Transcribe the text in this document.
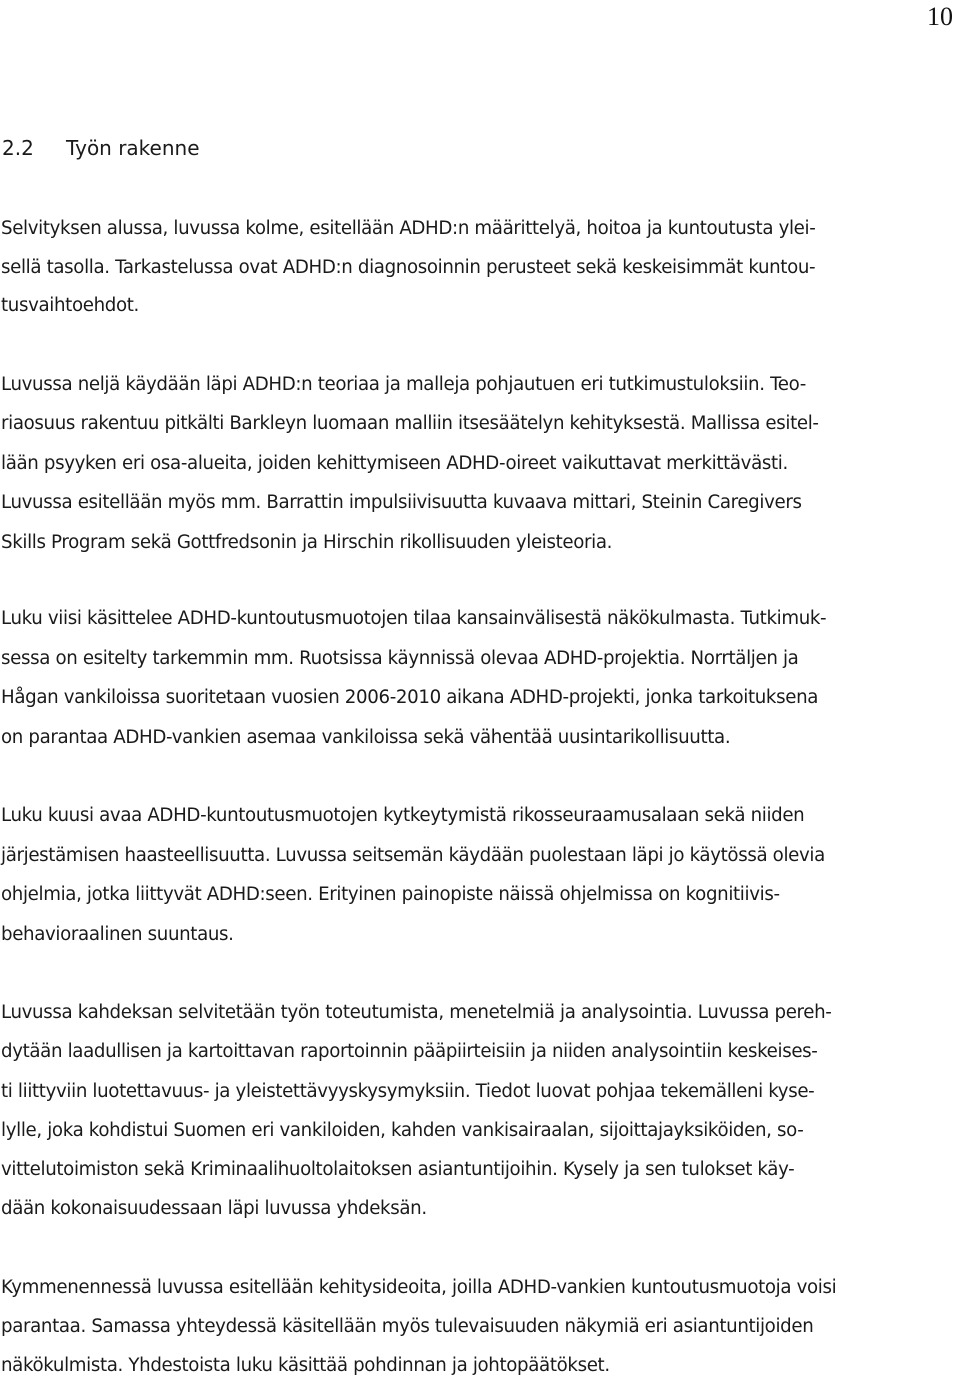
10
2.2 Työn rakenne
Selvityksen alussa, luvussa kolme, esitellään ADHD:n määrittelyä, hoitoa ja kuntoutusta ylei-
sellä tasolla. Tarkastelussa ovat ADHD:n diagnosoinnin perusteet sekä keskeisimmät kuntou-
tusvaihtoehdot.
Luvussa neljä käydään läpi ADHD:n teoriaa ja malleja pohjautuen eri tutkimustuloksiin. Teo-
riaosuus rakentuu pitkälti Barkleyn luomaan malliin itsesäätelyn kehityksestä. Mallissa esitel-
lään psyyken eri osa-alueita, joiden kehittymiseen ADHD-oireet vaikuttavat merkittävästi.
Luvussa esitellään myös mm. Barrattin impulsiivisuutta kuvaava mittari, Steinin Caregivers
Skills Program sekä Gottfredsonin ja Hirschin rikollisuuden yleisteoria.
Luku viisi käsittelee ADHD-kuntoutusmuotojen tilaa kansainvälisestä näkökulmasta. Tutkimuk-
sessa on esitelty tarkemmin mm. Ruotsissa käynnissä olevaa ADHD-projektia. Norrtäljen ja
Hågan vankiloissa suoritetaan vuosien 2006-2010 aikana ADHD-projekti, jonka tarkoituksena
on parantaa ADHD-vankien asemaa vankiloissa sekä vähentää uusintarikollisuutta.
Luku kuusi avaa ADHD-kuntoutusmuotojen kytkeytymistä rikosseuraamusalaan sekä niiden
järjestämisen haasteellisuutta. Luvussa seitsemän käydään puolestaan läpi jo käytössä olevia
ohjelmia, jotka liittyvät ADHD:seen. Erityinen painopiste näissä ohjelmissa on kognitiivis-
behavioraalinen suuntaus.
Luvussa kahdeksan selvitetään työn toteutumista, menetelmiä ja analysointia. Luvussa pereh-
dytään laadullisen ja kartoittavan raportoinnin pääpiirteisiin ja niiden analysointiin keskeises-
ti liittyviin luotettavuus- ja yleistettävyyskysymyksiin. Tiedot luovat pohjaa tekemälleni kyse-
lylle, joka kohdistui Suomen eri vankiloiden, kahden vankisairaalan, sijoittajayksiköiden, so-
vittelutoimiston sekä Kriminaalihuoltolaitoksen asiantuntijoihin. Kysely ja sen tulokset käy-
dään kokonaisuudessaan läpi luvussa yhdeksän.
Kymmenennessä luvussa esitellään kehitysideoita, joilla ADHD-vankien kuntoutusmuotoja voisi
parantaa. Samassa yhteydessä käsitellään myös tulevaisuuden näkymiä eri asiantuntijoiden
näkökulmista. Yhdestoista luku käsittää pohdinnan ja johtopäätökset.
